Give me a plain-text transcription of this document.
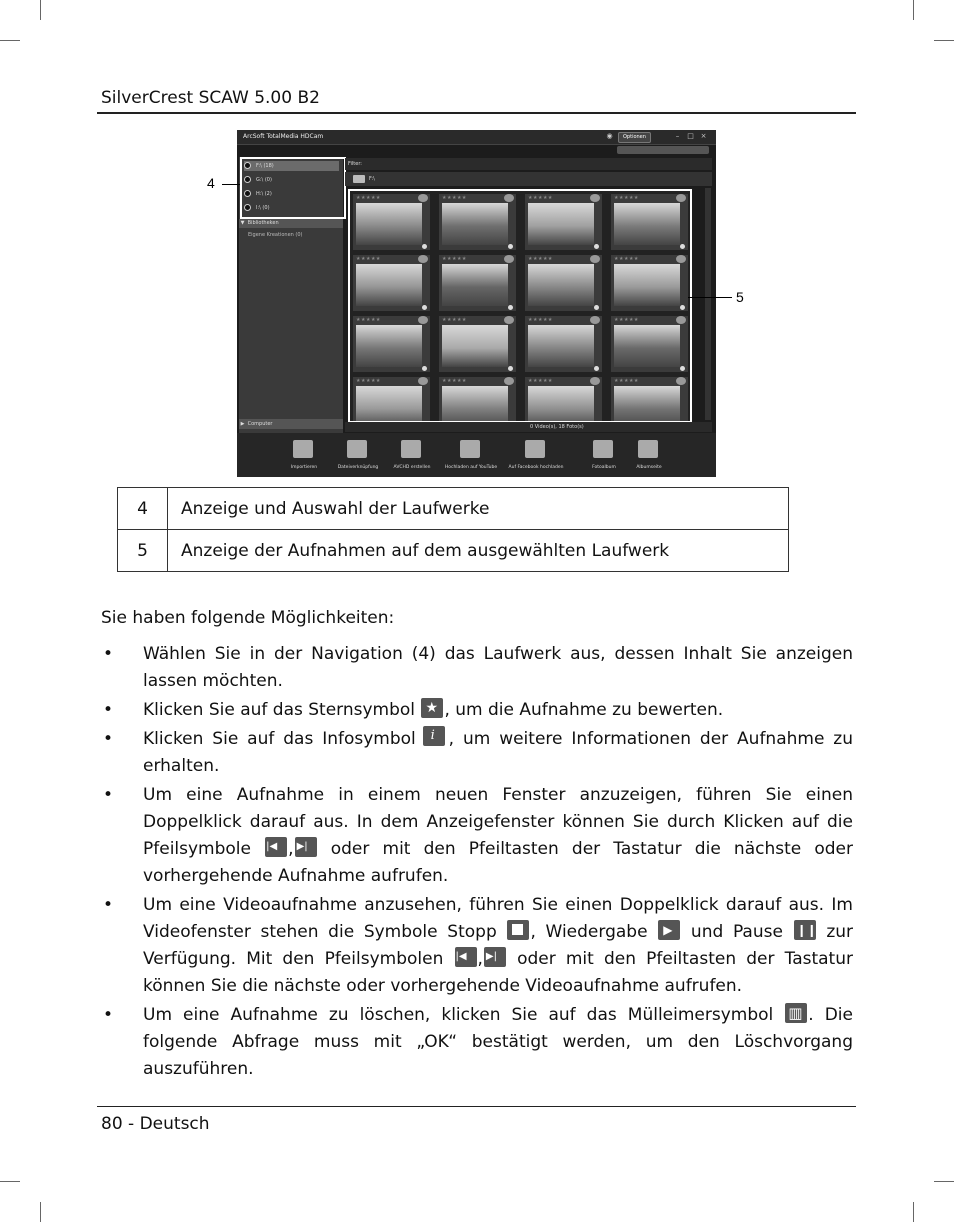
SilverCrest SCAW 5.00 B2
ArcSoft TotalMedia HDCam	◉	Optionen	–	□ ×
F:\ (18)
G:\ (0)
H:\ (2)
I:\ (0)
▼  Bibliotheken
Eigene Kreationen (0)
▶  Computer
Filter:
F:\
★★★★★	★★★★★	★★★★★	★★★★★
★★★★★	★★★★★	★★★★★	★★★★★
★★★★★	★★★★★	★★★★★	★★★★★
★★★★★	★★★★★	★★★★★	★★★★★
0 Video(s), 18 Foto(s)
Importieren	Dateiverknüpfung	AVCHD erstellen	Hochladen auf YouTube	Auf Facebook hochladen	Fotoalbum	Albumseite
4
5
4	Anzeige und Auswahl der Laufwerke
5	Anzeige der Aufnahmen auf dem ausgewählten Laufwerk
Sie haben folgende Möglichkeiten:
• Wählen Sie in der Navigation (4) das Laufwerk aus, dessen Inhalt Sie anzeigen lassen möchten.
• Klicken Sie auf das Sternsymbol ★ , um die Aufnahme zu bewerten.
• Klicken Sie auf das Infosymbol i , um weitere Informationen der Aufnahme zu erhalten.
• Um eine Aufnahme in einem neuen Fenster anzuzeigen, führen Sie einen Doppelklick darauf aus. In dem Anzeigefenster können Sie durch Klicken auf die Pfeilsymbole |◀ , ▶| oder mit den Pfeiltasten der Tastatur die nächste oder vorhergehende Aufnahme aufrufen.
• Um eine Videoaufnahme anzusehen, führen Sie einen Doppelklick darauf aus. Im Videofenster stehen die Symbole Stopp , Wiedergabe ▶	und Pause ❙❙	zur Verfügung. Mit den Pfeilsymbolen |◀ , ▶| oder mit den Pfeiltasten der Tastatur können Sie die nächste oder vorhergehende Videoaufnahme aufrufen.
• Um eine Aufnahme zu löschen, klicken Sie auf das Mülleimersymbol ▥ . Die folgende Abfrage muss mit „OK“ bestätigt werden, um den Löschvorgang auszuführen.
80 - Deutsch
